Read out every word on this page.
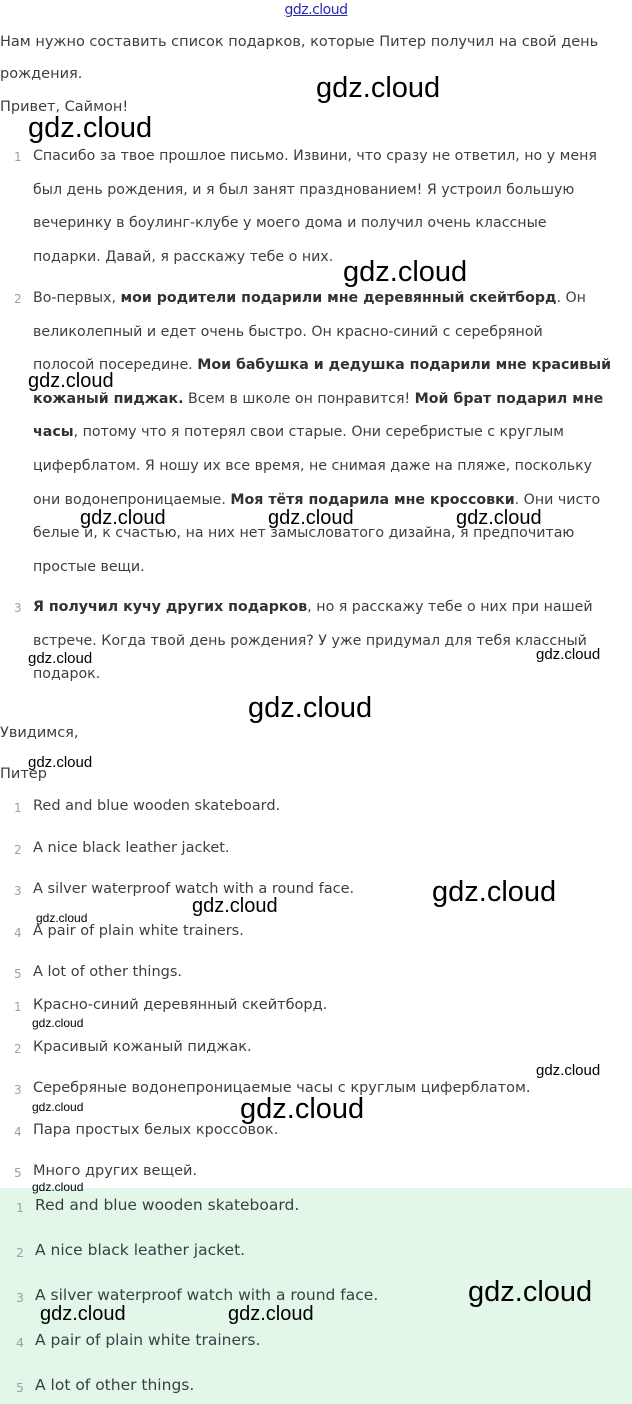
gdz.cloud
Нам нужно составить список подарков, которые Питер получил на свой день
рождения.
Привет, Саймон!
1 Спасибо за твое прошлое письмо. Извини, что сразу не ответил, но у меня
был день рождения, и я был занят празднованием! Я устроил большую
вечеринку в боулинг-клубе у моего дома и получил очень классные
подарки. Давай, я расскажу тебе о них.
2 Во-первых, мои родители подарили мне деревянный скейтборд. Он
великолепный и едет очень быстро. Он красно-синий с серебряной
полосой посередине. Мои бабушка и дедушка подарили мне красивый
кожаный пиджак. Всем в школе он понравится! Мой брат подарил мне
часы, потому что я потерял свои старые. Они серебристые с круглым
циферблатом. Я ношу их все время, не снимая даже на пляже, поскольку
они водонепроницаемые. Моя тётя подарила мне кроссовки. Они чисто
белые и, к счастью, на них нет замысловатого дизайна, я предпочитаю
простые вещи.
3 Я получил кучу других подарков, но я расскажу тебе о них при нашей
встрече. Когда твой день рождения? У уже придумал для тебя классный
подарок.
Увидимся,
Питер
1 Red and blue wooden skateboard.
2 A nice black leather jacket.
3 A silver waterproof watch with a round face.
4 A pair of plain white trainers.
5 A lot of other things.
1 Красно-синий деревянный скейтборд.
2 Красивый кожаный пиджак.
3 Серебряные водонепроницаемые часы с круглым циферблатом.
4 Пара простых белых кроссовок.
5 Много других вещей.
1 Red and blue wooden skateboard.
2 A nice black leather jacket.
3 A silver waterproof watch with a round face.
4 A pair of plain white trainers.
5 A lot of other things.
gdz.cloud
gdz.cloud
gdz.cloud
gdz.cloud
gdz.cloud	gdz.cloud	gdz.cloud
gdz.cloud	gdz.cloud
gdz.cloud
gdz.cloud
gdz.cloud
gdz.cloud
gdz.cloud
gdz.cloud
gdz.cloud
gdz.cloud	gdz.cloud
gdz.cloud
gdz.cloud
gdz.cloud	gdz.cloud
